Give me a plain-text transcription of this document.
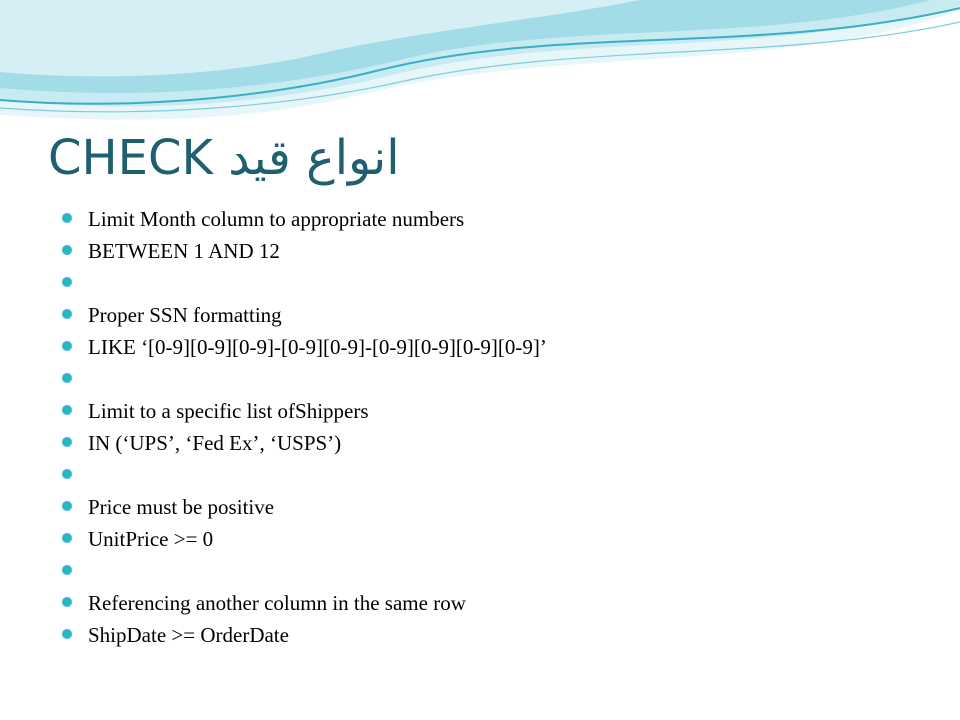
CHECK انواع قيد
Limit Month column to appropriate numbers
BETWEEN 1 AND 12
Proper SSN formatting
LIKE ‘[0-9][0-9][0-9]-[0-9][0-9]-[0-9][0-9][0-9][0-9]’
Limit to a specific list ofShippers
IN (‘UPS’, ‘Fed Ex’, ‘USPS’)
Price must be positive
UnitPrice >= 0
Referencing another column in the same row
ShipDate >= OrderDate
